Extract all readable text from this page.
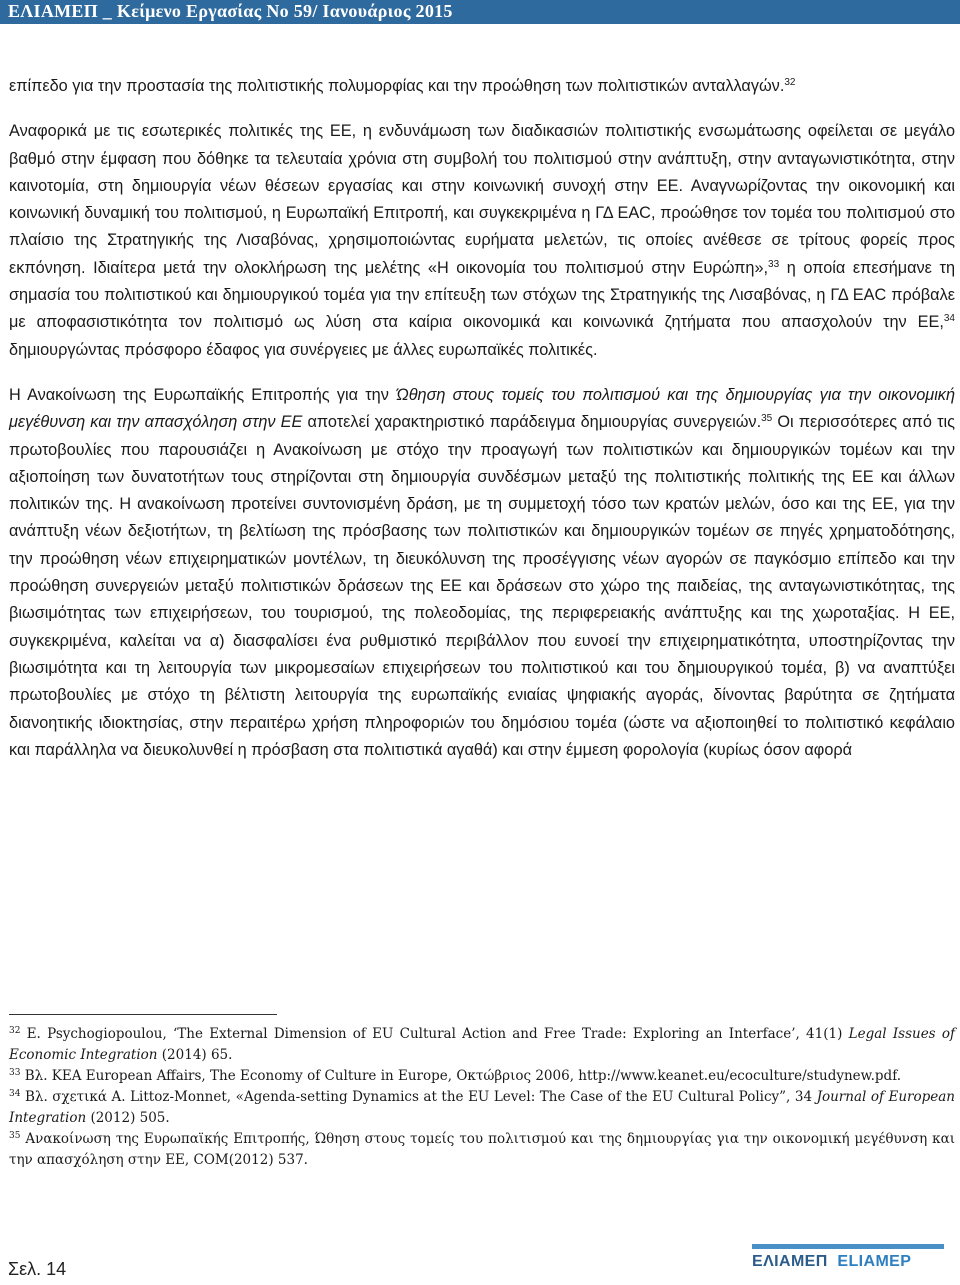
ΕΛΙΑΜΕΠ _ Κείμενο Εργασίας Νο 59/ Ιανουάριος 2015

επίπεδο για την προστασία της πολιτιστικής πολυμορφίας και την προώθηση των πολιτιστικών ανταλλαγών.$^{32}$

Αναφορικά με τις εσωτερικές πολιτικές της ΕΕ, η ενδυνάμωση των διαδικασιών πολιτιστικής ενσωμάτωσης οφείλεται σε μεγάλο βαθμό στην έμφαση που δόθηκε τα τελευταία χρόνια στη συμβολή του πολιτισμού στην ανάπτυξη, στην ανταγωνιστικότητα, στην καινοτομία, στη δημιουργία νέων θέσεων εργασίας και στην κοινωνική συνοχή στην ΕΕ. Αναγνωρίζοντας την οικονομική και κοινωνική δυναμική του πολιτισμού, η Ευρωπαϊκή Επιτροπή, και συγκεκριμένα η ΓΔ EAC, προώθησε τον τομέα του πολιτισμού στο πλαίσιο της Στρατηγικής της Λισαβόνας, χρησιμοποιώντας ευρήματα μελετών, τις οποίες ανέθεσε σε τρίτους φορείς προς εκπόνηση. Ιδιαίτερα μετά την ολοκλήρωση της μελέτης «Η οικονομία του πολιτισμού στην Ευρώπη»,$^{33}$ η οποία επεσήμανε τη σημασία του πολιτιστικού και δημιουργικού τομέα για την επίτευξη των στόχων της Στρατηγικής της Λισαβόνας, η ΓΔ EAC πρόβαλε με αποφασιστικότητα τον πολιτισμό ως λύση στα καίρια οικονομικά και κοινωνικά ζητήματα που απασχολούν την ΕΕ,$^{34}$ δημιουργώντας πρόσφορο έδαφος για συνέργειες με άλλες ευρωπαϊκές πολιτικές.

Η Ανακοίνωση της Ευρωπαϊκής Επιτροπής για την Ώθηση στους τομείς του πολιτισμού και της δημιουργίας για την οικονομική μεγέθυνση και την απασχόληση στην ΕΕ αποτελεί χαρακτηριστικό παράδειγμα δημιουργίας συνεργειών.$^{35}$ Οι περισσότερες από τις πρωτοβουλίες που παρουσιάζει η Ανακοίνωση με στόχο την προαγωγή των πολιτιστικών και δημιουργικών τομέων και την αξιοποίηση των δυνατοτήτων τους στηρίζονται στη δημιουργία συνδέσμων μεταξύ της πολιτιστικής πολιτικής της ΕΕ και άλλων πολιτικών της. Η ανακοίνωση προτείνει συντονισμένη δράση, με τη συμμετοχή τόσο των κρατών μελών, όσο και της ΕΕ, για την ανάπτυξη νέων δεξιοτήτων, τη βελτίωση της πρόσβασης των πολιτιστικών και δημιουργικών τομέων σε πηγές χρηματοδότησης, την προώθηση νέων επιχειρηματικών μοντέλων, τη διευκόλυνση της προσέγγισης νέων αγορών σε παγκόσμιο επίπεδο και την προώθηση συνεργειών μεταξύ πολιτιστικών δράσεων της ΕΕ και δράσεων στο χώρο της παιδείας, της ανταγωνιστικότητας, της βιωσιμότητας των επιχειρήσεων, του τουρισμού, της πολεοδομίας, της περιφερειακής ανάπτυξης και της χωροταξίας. Η ΕΕ, συγκεκριμένα, καλείται να α) διασφαλίσει ένα ρυθμιστικό περιβάλλον που ευνοεί την επιχειρηματικότητα, υποστηρίζοντας την βιωσιμότητα και τη λειτουργία των μικρομεσαίων επιχειρήσεων του πολιτιστικού και του δημιουργικού τομέα, β) να αναπτύξει πρωτοβουλίες με στόχο τη βέλτιστη λειτουργία της ευρωπαϊκής ενιαίας ψηφιακής αγοράς, δίνοντας βαρύτητα σε ζητήματα διανοητικής ιδιοκτησίας, στην περαιτέρω χρήση πληροφοριών του δημόσιου τομέα (ώστε να αξιοποιηθεί το πολιτιστικό κεφάλαιο και παράλληλα να διευκολυνθεί η πρόσβαση στα πολιτιστικά αγαθά) και στην έμμεση φορολογία (κυρίως όσον αφορά

$^{32}$ E. Psychogiopoulou, ‘The External Dimension of EU Cultural Action and Free Trade: Exploring an Interface’, 41(1) Legal Issues of Economic Integration (2014) 65.

$^{33}$ Βλ. KEA European Affairs, The Economy of Culture in Europe, Οκτώβριος 2006, http://www.keanet.eu/ecoculture/studynew.pdf.

$^{34}$ Βλ. σχετικά A. Littoz-Monnet, «Agenda-setting Dynamics at the EU Level: The Case of the EU Cultural Policy”, 34 Journal of European Integration (2012) 505.

$^{35}$ Ανακοίνωση της Ευρωπαϊκής Επιτροπής, Ώθηση στους τομείς του πολιτισμού και της δημιουργίας για την οικονομική μεγέθυνση και την απασχόληση στην ΕΕ, COM(2012) 537.

Σελ. 14	ΕΛΙΑΜΕΠ ELIAMEP
